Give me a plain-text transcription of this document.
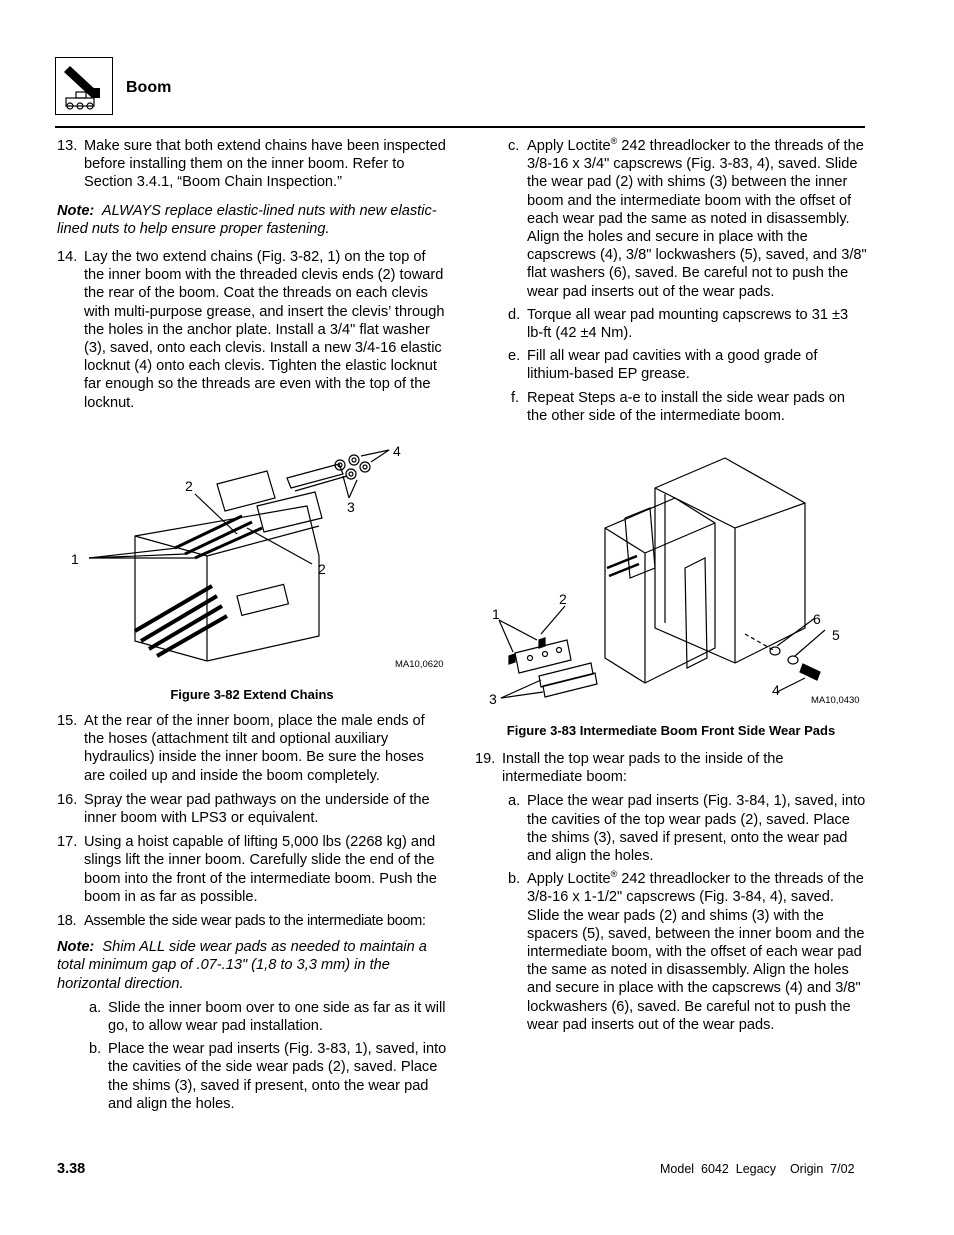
Boom
13. Make sure that both extend chains have been inspected before installing them on the inner boom. Refer to Section 3.4.1, “Boom Chain Inspection.”
Note: ALWAYS replace elastic-lined nuts with new elastic-lined nuts to help ensure proper fastening.
14. Lay the two extend chains (Fig. 3-82, 1) on the top of the inner boom with the threaded clevis ends (2) toward the rear of the boom. Coat the threads on each clevis with multi-purpose grease, and insert the clevis’ through the holes in the anchor plate. Install a 3/4" flat washer (3), saved, onto each clevis. Install a new 3/4-16 elastic locknut (4) onto each clevis. Tighten the elastic locknut far enough so the threads are even with the top of the locknut.
1
2
2
3
4
MA10,0620
Figure 3-82 Extend Chains
15. At the rear of the inner boom, place the male ends of the hoses (attachment tilt and optional auxiliary hydraulics) inside the inner boom. Be sure the hoses are coiled up and inside the boom completely.
16. Spray the wear pad pathways on the underside of the inner boom with LPS3 or equivalent.
17. Using a hoist capable of lifting 5,000 lbs (2268 kg) and slings lift the inner boom. Carefully slide the end of the boom into the front of the intermediate boom. Push the boom in as far as possible.
18. Assemble the side wear pads to the intermediate boom:
Note: Shim ALL side wear pads as needed to maintain a total minimum gap of .07-.13" (1,8 to 3,3 mm) in the horizontal direction.
a. Slide the inner boom over to one side as far as it will go, to allow wear pad installation.
b. Place the wear pad inserts (Fig. 3-83, 1), saved, into the cavities of the side wear pads (2), saved. Place the shims (3), saved if present, onto the wear pad and align the holes.
c. Apply Loctite® 242 threadlocker to the threads of the 3/8-16 x 3/4" capscrews (Fig. 3-83, 4), saved. Slide the wear pad (2) with shims (3) between the inner boom and the intermediate boom with the offset of each wear pad the same as noted in disassembly. Align the holes and secure in place with the capscrews (4), 3/8" lockwashers (5), saved, and 3/8" flat washers (6), saved. Be careful not to push the wear pad inserts out of the wear pads.
d. Torque all wear pad mounting capscrews to 31 ±3 lb-ft (42 ±4 Nm).
e. Fill all wear pad cavities with a good grade of lithium-based EP grease.
f. Repeat Steps a-e to install the side wear pads on the other side of the intermediate boom.
1
2
3
4
5
6
MA10,0430
Figure 3-83 Intermediate Boom Front Side Wear Pads
19. Install the top wear pads to the inside of the intermediate boom:
a. Place the wear pad inserts (Fig. 3-84, 1), saved, into the cavities of the top wear pads (2), saved. Place the shims (3), saved if present, onto the wear pad and align the holes.
b. Apply Loctite® 242 threadlocker to the threads of the 3/8-16 x 1-1/2" capscrews (Fig. 3-84, 4), saved. Slide the wear pads (2) and shims (3) with the spacers (5), saved, between the inner boom and the intermediate boom, with the offset of each wear pad the same as noted in disassembly. Align the holes and secure in place with the capscrews (4) and 3/8" lockwashers (6), saved. Be careful not to push the wear pad inserts out of the wear pads.
3.38	Model  6042  Legacy    Origin  7/02
